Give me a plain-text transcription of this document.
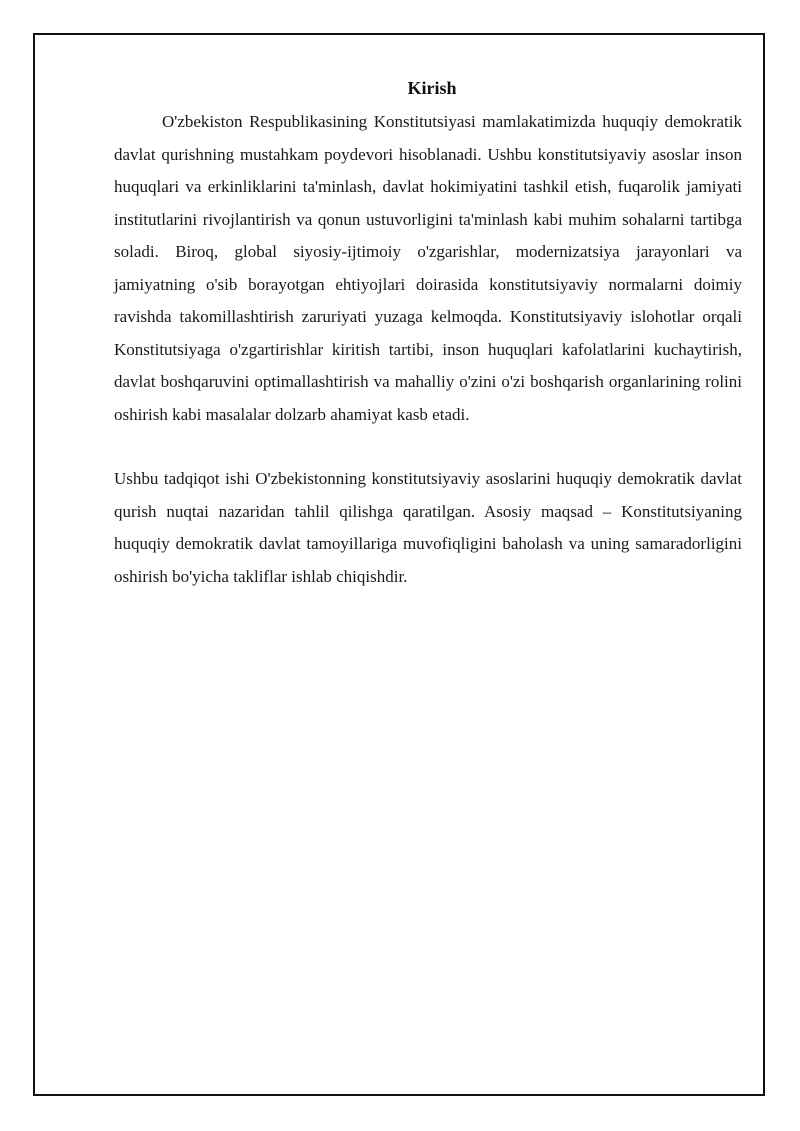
Kirish

O'zbekiston Respublikasining Konstitutsiyasi mamlakatimizda huquqiy demokratik davlat qurishning mustahkam poydevori hisoblanadi. Ushbu konstitutsiyaviy asoslar inson huquqlari va erkinliklarini ta'minlash, davlat hokimiyatini tashkil etish, fuqarolik jamiyati institutlarini rivojlantirish va qonun ustuvorligini ta'minlash kabi muhim sohalarni tartibga soladi. Biroq, global siyosiy-ijtimoiy o'zgarishlar, modernizatsiya jarayonlari va jamiyatning o'sib borayotgan ehtiyojlari doirasida konstitutsiyaviy normalarni doimiy ravishda takomillashtirish zaruriyati yuzaga kelmoqda. Konstitutsiyaviy islohotlar orqali Konstitutsiyaga o'zgartirishlar kiritish tartibi, inson huquqlari kafolatlarini kuchaytirish, davlat boshqaruvini optimallashtirish va mahalliy o'zini o'zi boshqarish organlarining rolini oshirish kabi masalalar dolzarb ahamiyat kasb etadi.

Ushbu tadqiqot ishi O'zbekistonning konstitutsiyaviy asoslarini huquqiy demokratik davlat qurish nuqtai nazaridan tahlil qilishga qaratilgan. Asosiy maqsad – Konstitutsiyaning huquqiy demokratik davlat tamoyillariga muvofiqligini baholash va uning samaradorligini oshirish bo'yicha takliflar ishlab chiqishdir.
